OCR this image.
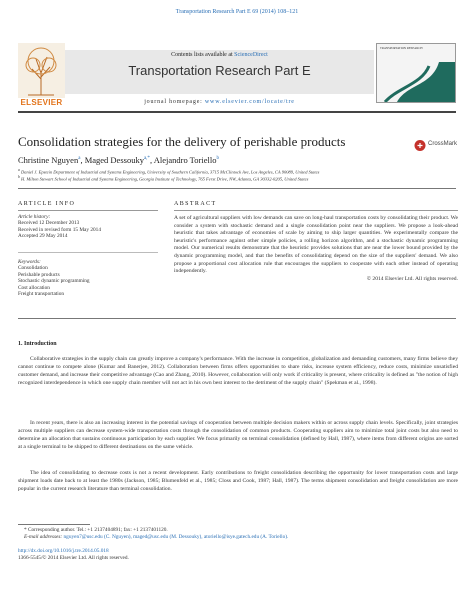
Transportation Research Part E 69 (2014) 108–121
ELSEVIER
Contents lists available at ScienceDirect
Transportation Research Part E
TRANSPORTATION RESEARCH
journal homepage: www.elsevier.com/locate/tre
Consolidation strategies for the delivery of perishable products	CrossMark
Christine Nguyen$^a$, Maged Dessouky$^{a,*}$, Alejandro Toriello$^b$
$^a$ Daniel J. Epstein Department of Industrial and Systems Engineering, University of Southern California, 3715 McClintock Ave, Los Angeles, CA 90089, United States
$^b$ H. Milton Stewart School of Industrial and Systems Engineering, Georgia Institute of Technology, 765 Ferst Drive, NW, Atlanta, GA 30332-0205, United States
ARTICLE INFO
Article history:
Received 12 December 2013
Received in revised form 15 May 2014
Accepted 29 May 2014
Keywords:
Consolidation
Perishable products
Stochastic dynamic programming
Cost allocation
Freight transportation
ABSTRACT
A set of agricultural suppliers with low demands can save on long-haul transportation costs by consolidating their product. We consider a system with stochastic demand and a single consolidation point near the suppliers. We propose a look-ahead heuristic that takes advantage of economies of scale by aiming to ship larger quantities. We experimentally compare the heuristic's performance against other simple policies, a rolling horizon algorithm, and a stochastic dynamic programming model. Our numerical results demonstrate that the heuristic provides solutions that are near the lower bound provided by the dynamic programming model, and that the benefits of consolidating depend on the size of the suppliers' demand. We also propose a proportional cost allocation rule that encourages the suppliers to cooperate with each other instead of operating independently.
© 2014 Elsevier Ltd. All rights reserved.
1. Introduction
Collaborative strategies in the supply chain can greatly improve a company's performance. With the increase in competition, globalization and demanding customers, many firms believe they cannot continue to compete alone (Kumar and Banerjee, 2012). Collaboration between firms offers opportunities to share risks, increase system efficiency, reduce costs, minimize unsatisfied customer demand, and increase their competitive advantage (Cao and Zhang, 2010). However, collaboration will only work if criticality is present, where criticality is defined as "the notion of high recognized interdependence in which one supply chain member will not act in his own best interest to the detriment of the supply chain" (Spekman et al., 1998).
In recent years, there is also an increasing interest in the potential savings of cooperation between multiple decision makers within or across supply chain levels. Specifically, joint strategies across multiple suppliers can decrease system-wide transportation costs through the consolidation of common products. Cooperating suppliers aim to minimize total joint costs but also need to determine an allocation that sustains continuous participation by each supplier. We focus primarily on terminal consolidation (defined by Hall, 1987), where items from different origins are sorted at a single terminal to be shipped to different destinations on the same vehicle.
The idea of consolidating to decrease costs is not a recent development. Early contributions to freight consolidation describing the opportunity for lower transportation costs and large shipment loads date back to at least the 1980s (Jackson, 1985; Blumenfeld et al., 1985; Closs and Cook, 1987; Hall, 1987). The terms shipment consolidation and freight consolidation are more popular in the current research literature than terminal consolidation.
* Corresponding author. Tel.: +1 2137404891; fax: +1 2137401120.
E-mail addresses: nguyen7@usc.edu (C. Nguyen), maged@usc.edu (M. Dessouky), atoriello@isye.gatech.edu (A. Toriello).
http://dx.doi.org/10.1016/j.tre.2014.05.018
1366-5545/© 2014 Elsevier Ltd. All rights reserved.
